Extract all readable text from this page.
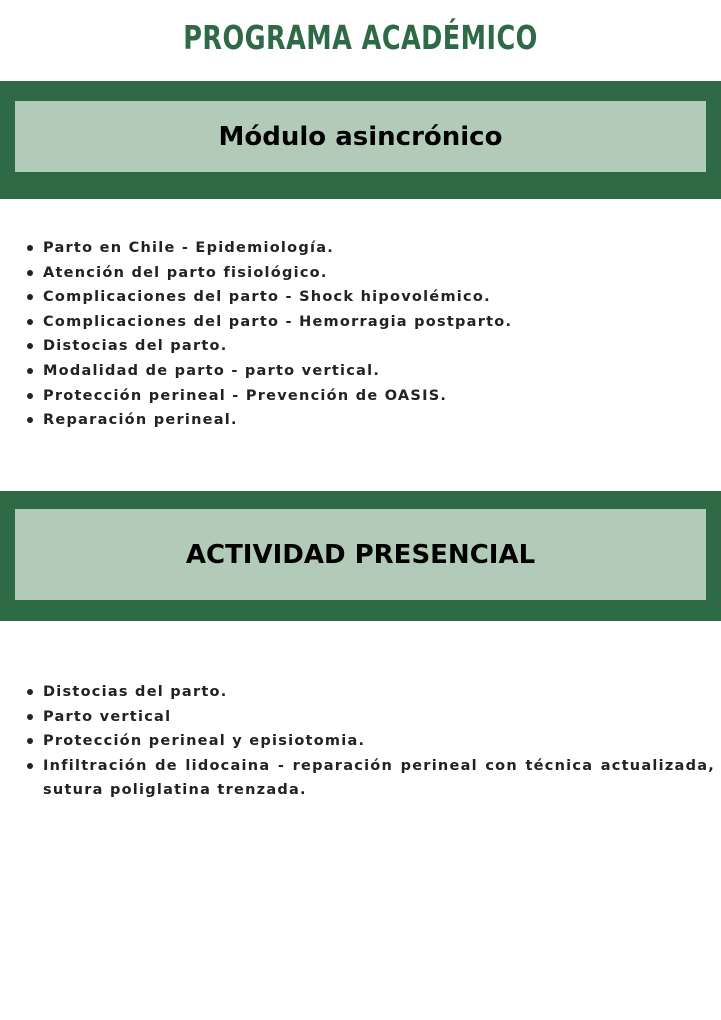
PROGRAMA ACADÉMICO
Módulo asincrónico
Parto en Chile - Epidemiología.
Atención del parto fisiológico.
Complicaciones del parto - Shock hipovolémico.
Complicaciones del parto - Hemorragia postparto.
Distocias del parto.
Modalidad de parto - parto vertical.
Protección perineal - Prevención de OASIS.
Reparación perineal.
ACTIVIDAD PRESENCIAL
Distocias del parto.
Parto vertical
Protección perineal y episiotomia.
Infiltración de lidocaina - reparación perineal con técnica actualizada, sutura poliglatina trenzada.
